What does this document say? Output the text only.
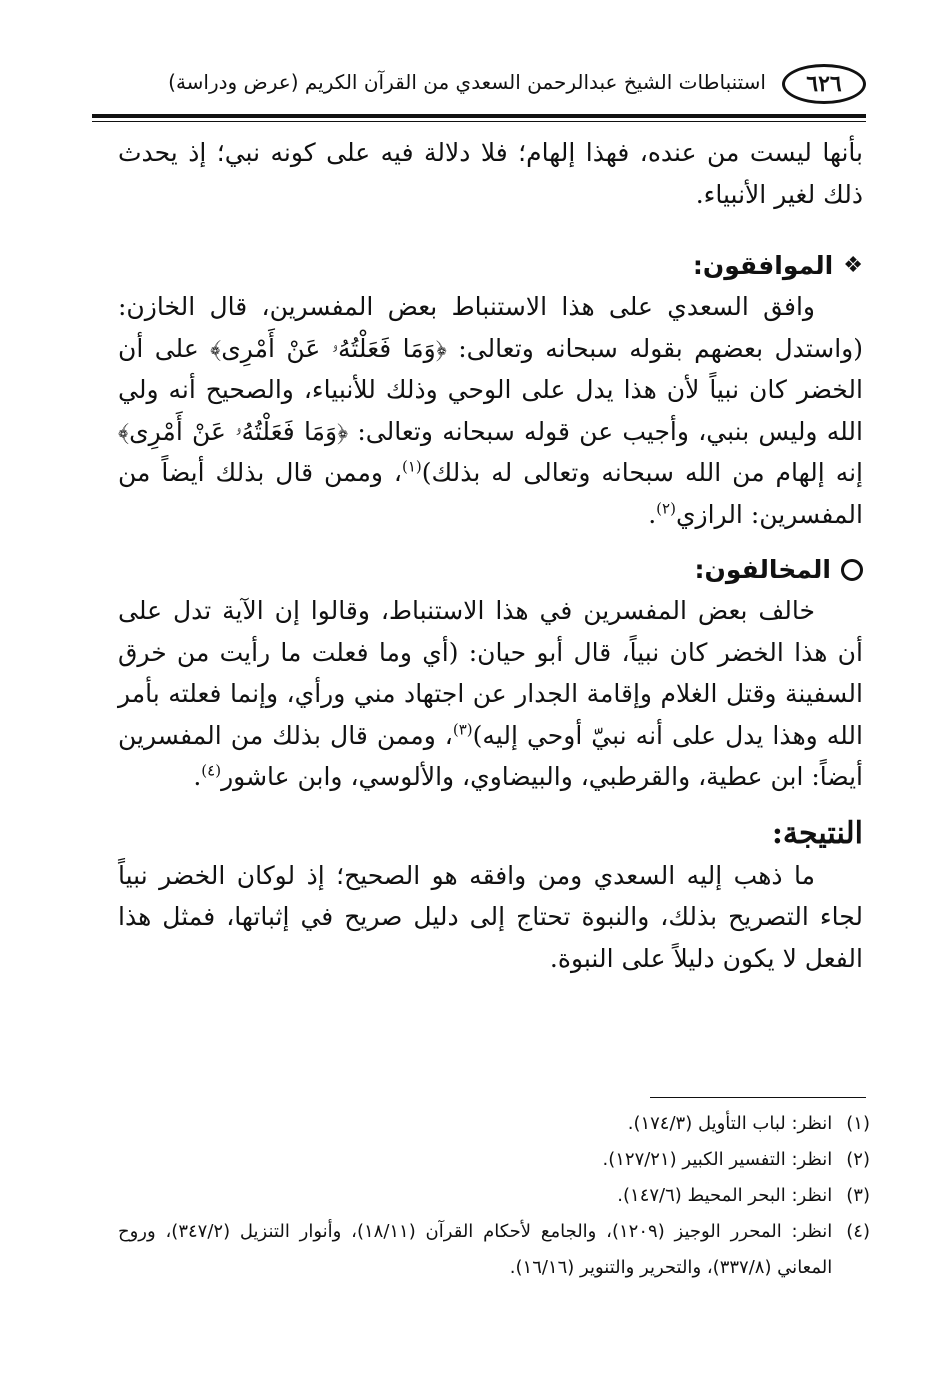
٦٢٦
استنباطات الشيخ عبدالرحمن السعدي من القرآن الكريم (عرض ودراسة)

بأنها ليست من عنده، فهذا إلهام؛ فلا دلالة فيه على كونه نبي؛ إذ يحدث ذلك لغير الأنبياء.

❖
الموافقون:

وافق السعدي على هذا الاستنباط بعض المفسرين، قال الخازن: (واستدل بعضهم بقوله سبحانه وتعالى: ﴿وَمَا فَعَلْتُهُۥ عَنْ أَمْرِى﴾ على أن الخضر كان نبياً لأن هذا يدل على الوحي وذلك للأنبياء، والصحيح أنه ولي الله وليس بنبي، وأجيب عن قوله سبحانه وتعالى: ﴿وَمَا فَعَلْتُهُۥ عَنْ أَمْرِى﴾ إنه إلهام من الله سبحانه وتعالى له بذلك)$^{(١)}$، وممن قال بذلك أيضاً من المفسرين: الرازي$^{(٢)}$.

المخالفون:

خالف بعض المفسرين في هذا الاستنباط، وقالوا إن الآية تدل على أن هذا الخضر كان نبياً، قال أبو حيان: (أي وما فعلت ما رأيت من خرق السفينة وقتل الغلام وإقامة الجدار عن اجتهاد مني ورأي، وإنما فعلته بأمر الله وهذا يدل على أنه نبيّ أوحي إليه)$^{(٣)}$، وممن قال بذلك من المفسرين أيضاً: ابن عطية، والقرطبي، والبيضاوي، والألوسي، وابن عاشور$^{(٤)}$.

النتيجة:

ما ذهب إليه السعدي ومن وافقه هو الصحيح؛ إذ لوكان الخضر نبياً لجاء التصريح بذلك، والنبوة تحتاج إلى دليل صريح في إثباتها، فمثل هذا الفعل لا يكون دليلاً على النبوة.

(١)
انظر: لباب التأويل (١٧٤/٣).
(٢)
انظر: التفسير الكبير (١٢٧/٢١).
(٣)
انظر: البحر المحيط (١٤٧/٦).
(٤)
انظر: المحرر الوجيز (١٢٠٩)، والجامع لأحكام القرآن (١٨/١١)، وأنوار التنزيل (٣٤٧/٢)، وروح المعاني (٣٣٧/٨)، والتحرير والتنوير (١٦/١٦).
